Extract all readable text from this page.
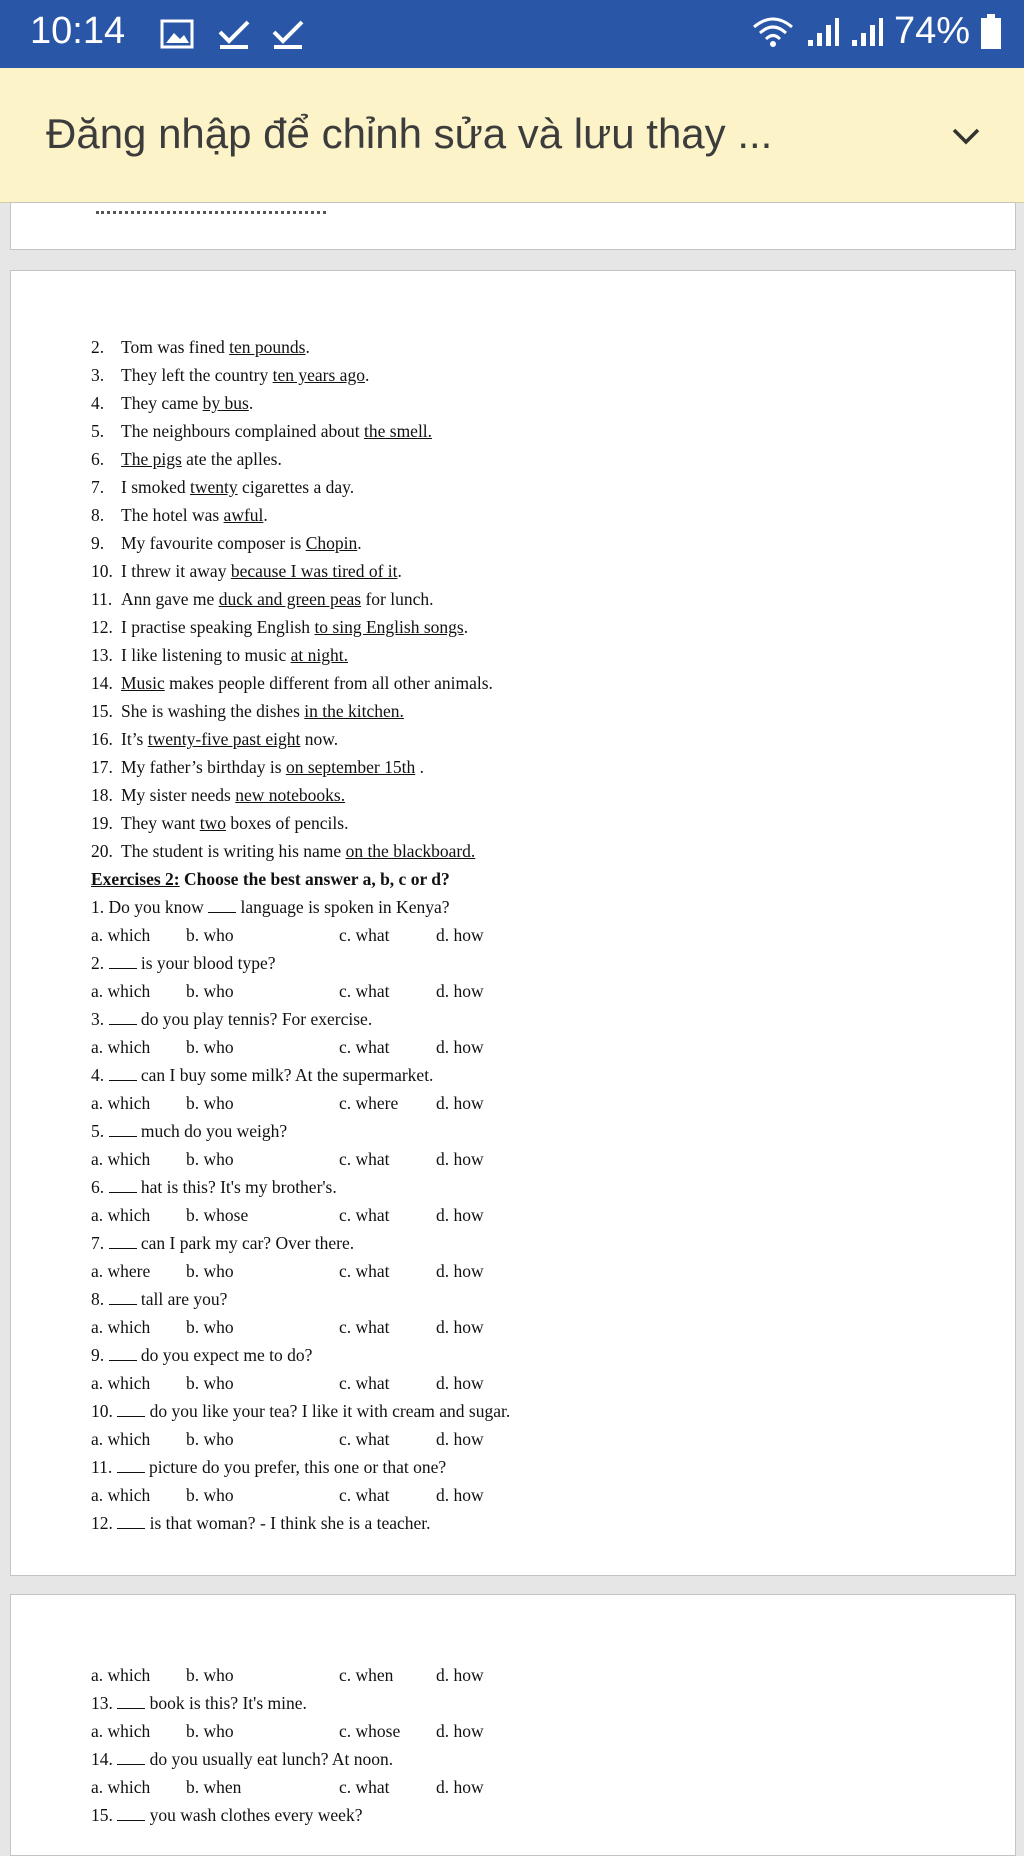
10:14	74%
Đăng nhập để chỉnh sửa và lưu thay ...
2. Tom was fined ten pounds.
3. They left the country ten years ago.
4. They came by bus.
5. The neighbours complained about the smell.
6. The pigs ate the aplles.
7. I smoked twenty cigarettes a day.
8. The hotel was awful.
9. My favourite composer is Chopin.
10. I threw it away because I was tired of it.
11. Ann gave me duck and green peas for lunch.
12. I practise speaking English to sing English songs.
13. I like listening to music at night.
14. Music makes people different from all other animals.
15. She is washing the dishes in the kitchen.
16. It’s twenty-five past eight now.
17. My father’s birthday is on september 15th .
18. My sister needs new notebooks.
19. They want two boxes of pencils.
20. The student is writing his name on the blackboard.
Exercises 2: Choose the best answer a, b, c or d?
1. Do you know  language is spoken in Kenya?
a. which b. who	c. what	d. how
2.  is your blood type?
a. which b. who	c. what	d. how
3.  do you play tennis? For exercise.
a. which b. who	c. what	d. how
4.  can I buy some milk? At the supermarket.
a. which b. who	c. where d. how
5.  much do you weigh?
a. which b. who	c. what	d. how
6.  hat is this? It's my brother's.
a. which b. whose	c. what	d. how
7.  can I park my car? Over there.
a. where b. who	c. what	d. how
8.  tall are you?
a. which b. who	c. what	d. how
9.  do you expect me to do?
a. which b. who	c. what	d. how
10.  do you like your tea? I like it with cream and sugar.
a. which b. who	c. what	d. how
11.  picture do you prefer, this one or that one?
a. which b. who	c. what	d. how
12.  is that woman? - I think she is a teacher.
a. which b. who	c. when d. how
13.  book is this? It's mine.
a. which b. who	c. whose d. how
14.  do you usually eat lunch? At noon.
a. which b. when	c. what	d. how
15.  you wash clothes every week?
